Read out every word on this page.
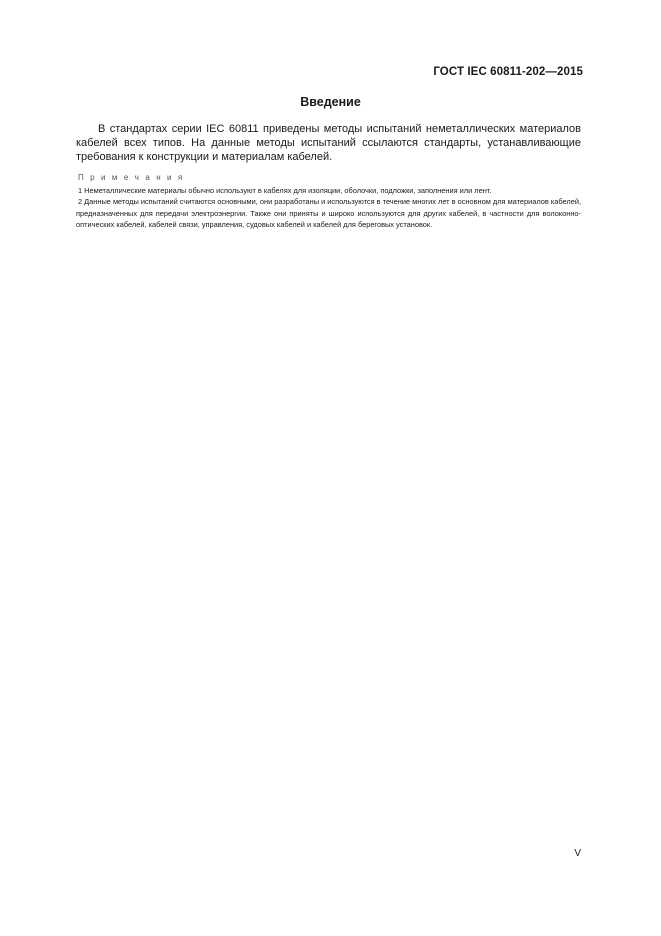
ГОСТ IEC 60811-202—2015
Введение

В стандартах серии IEC 60811 приведены методы испытаний неметаллических материалов кабелей всех типов. На данные методы испытаний ссылаются стандарты, устанавливающие требования к конструкции и материалам кабелей.

П р и м е ч а н и я

1 Неметаллические материалы обычно используют в кабелях для изоляции, оболочки, подложки, заполнения или лент.

2 Данные методы испытаний считаются основными, они разработаны и используются в течение многих лет в основном для материалов кабелей, предназначенных для передачи электроэнергии. Также они приняты и широко используются для других кабелей, в частности для волоконно-оптических кабелей, кабелей связи, управления, судовых кабелей и кабелей для береговых установок.

V
